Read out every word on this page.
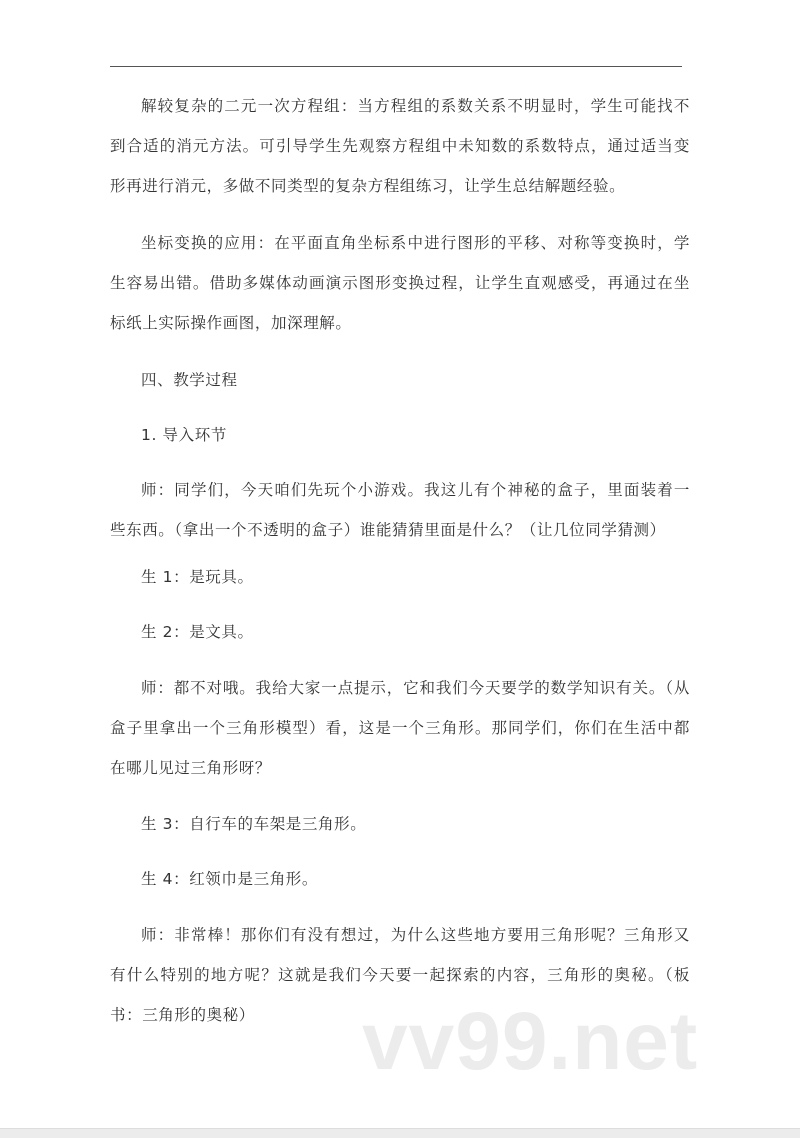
解较复杂的二元一次方程组：当方程组的系数关系不明显时，学生可能找不
到合适的消元方法。可引导学生先观察方程组中未知数的系数特点，通过适当变
形再进行消元，多做不同类型的复杂方程组练习，让学生总结解题经验。
坐标变换的应用：在平面直角坐标系中进行图形的平移、对称等变换时，学
生容易出错。借助多媒体动画演示图形变换过程，让学生直观感受，再通过在坐
标纸上实际操作画图，加深理解。
四、教学过程
1. 导入环节
师：同学们，今天咱们先玩个小游戏。我这儿有个神秘的盒子，里面装着一
些东西。（拿出一个不透明的盒子）谁能猜猜里面是什么？（让几位同学猜测）
生 1：是玩具。
生 2：是文具。
师：都不对哦。我给大家一点提示，它和我们今天要学的数学知识有关。（从
盒子里拿出一个三角形模型）看，这是一个三角形。那同学们，你们在生活中都
在哪儿见过三角形呀？
生 3：自行车的车架是三角形。
生 4：红领巾是三角形。
师：非常棒！那你们有没有想过，为什么这些地方要用三角形呢？三角形又
有什么特别的地方呢？这就是我们今天要一起探索的内容，三角形的奥秘。（板
书：三角形的奥秘） vv99.net
